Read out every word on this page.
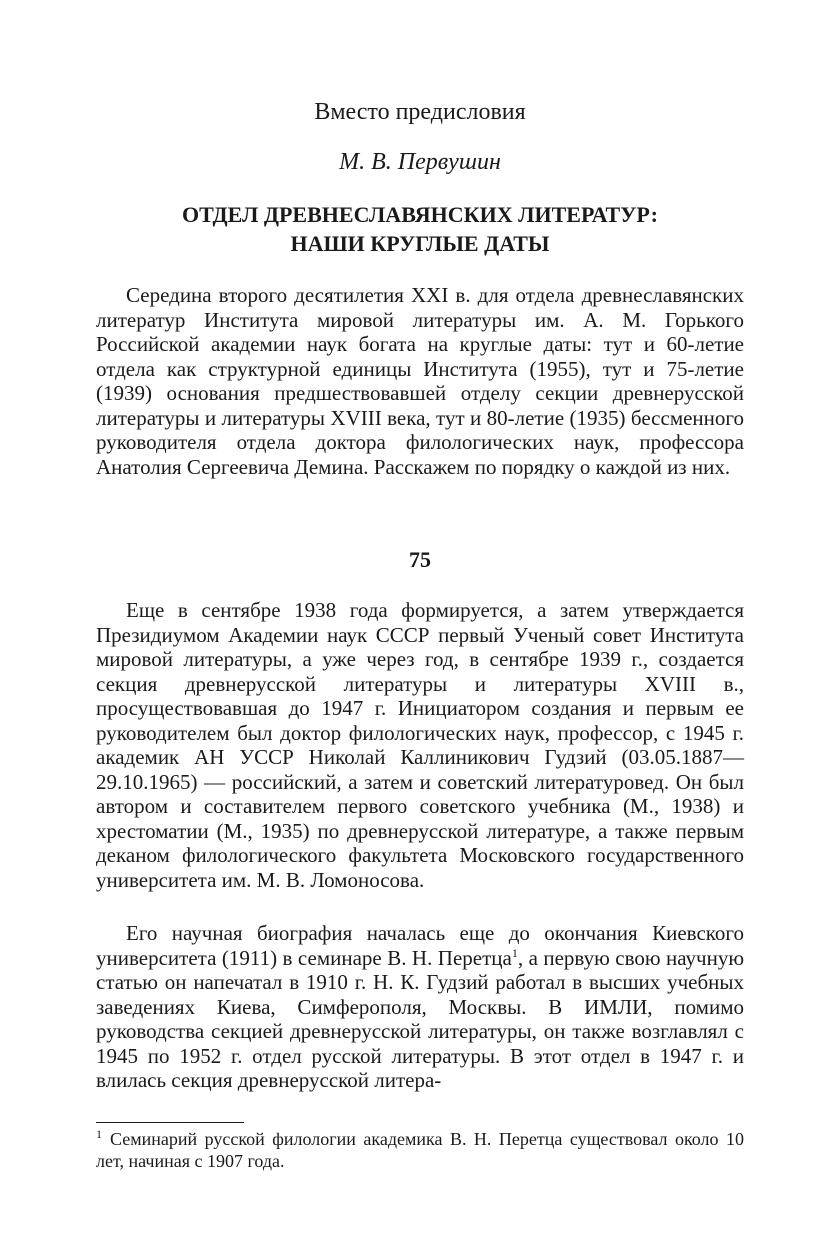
Вместо предисловия
М. В. Первушин
ОТДЕЛ ДРЕВНЕСЛАВЯНСКИХ ЛИТЕРАТУР:
НАШИ КРУГЛЫЕ ДАТЫ

Середина второго десятилетия XXI в. для отдела древнеславянских литератур Института мировой литературы им. А. М. Горького Российской академии наук богата на круглые даты: тут и 60-летие отдела как структурной единицы Института (1955), тут и 75-летие (1939) основания предшествовавшей отделу секции древнерусской литературы и литературы XVIII века, тут и 80-летие (1935) бессменного руководителя отдела доктора филологических наук, профессора Анатолия Сергеевича Демина. Расскажем по порядку о каждой из них.

75

Еще в сентябре 1938 года формируется, а затем утверждается Президиумом Академии наук СССР первый Ученый совет Института мировой литературы, а уже через год, в сентябре 1939 г., создается секция древнерусской литературы и литературы XVIII в., просуществовавшая до 1947 г. Инициатором создания и первым ее руководителем был доктор филологических наук, профессор, с 1945 г. академик АН УССР Николай Каллиникович Гудзий (03.05.1887—29.10.1965) — российский, а затем и советский литературовед. Он был автором и составителем первого советского учебника (М., 1938) и хрестоматии (М., 1935) по древнерусской литературе, а также первым деканом филологического факультета Московского государственного университета им. М. В. Ломоносова.

Его научная биография началась еще до окончания Киевского университета (1911) в семинаре В. Н. Перетца$^1$, а первую свою научную статью он напечатал в 1910 г. Н. К. Гудзий работал в высших учебных заведениях Киева, Симферополя, Москвы. В ИМЛИ, помимо руководства секцией древнерусской литературы, он также возглавлял с 1945 по 1952 г. отдел русской литературы. В этот отдел в 1947 г. и влилась секция древнерусской литера-

$^1$ Семинарий русской филологии академика В. Н. Перетца существовал около 10 лет, начиная с 1907 года.
